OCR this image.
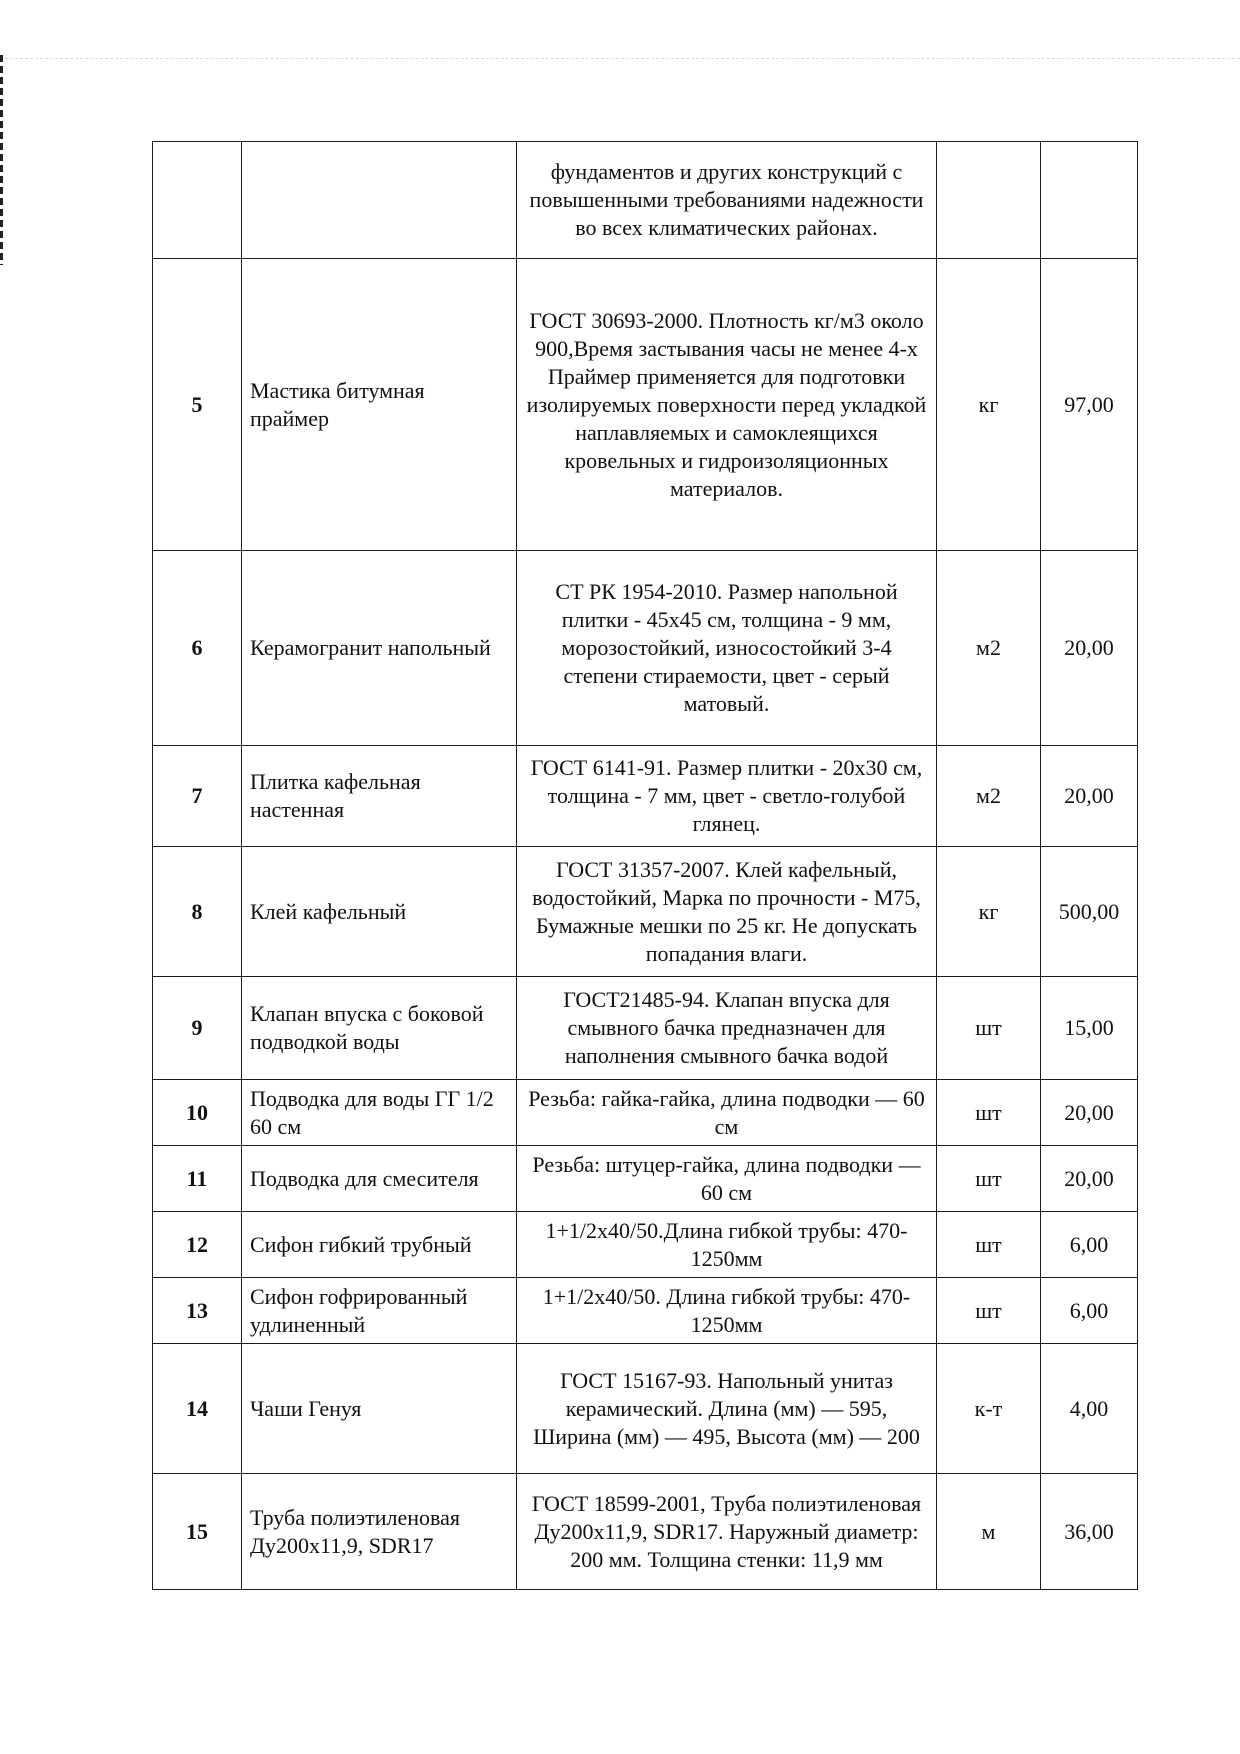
		фундаментов и других конструкций с повышенными требованиями надежности во всех климатических районах.		
5	Мастика битумная праймер	ГОСТ 30693-2000. Плотность кг/м3 около 900,Время застывания часы не менее 4-х Праймер применяется для подготовки изолируемых поверхности перед укладкой наплавляемых и самоклеящихся кровельных и гидроизоляционных материалов.	кг	97,00
6	Керамогранит напольный	СТ РК 1954-2010. Размер напольной плитки - 45х45 см, толщина - 9 мм, морозостойкий, износостойкий 3-4 степени стираемости, цвет - серый матовый.	м2	20,00
7	Плитка кафельная настенная	ГОСТ 6141-91. Размер плитки - 20х30 см, толщина - 7 мм, цвет - светло-голубой глянец.	м2	20,00
8	Клей кафельный	ГОСТ 31357-2007. Клей кафельный, водостойкий, Марка по прочности - М75, Бумажные мешки по 25 кг. Не допускать попадания влаги.	кг	500,00
9	Клапан впуска с боковой подводкой воды	ГОСТ21485-94. Клапан впуска для смывного бачка предназначен для наполнения смывного бачка водой	шт	15,00
10	Подводка для воды ГГ 1/2 60 см	Резьба: гайка-гайка, длина подводки — 60 см	шт	20,00
11	Подводка для смесителя	Резьба: штуцер-гайка, длина подводки — 60 см	шт	20,00
12	Сифон гибкий трубный	1+1/2х40/50.Длина гибкой трубы: 470-1250мм	шт	6,00
13	Сифон гофрированный удлиненный	1+1/2х40/50. Длина гибкой трубы: 470-1250мм	шт	6,00
14	Чаши Генуя	ГОСТ 15167-93. Напольный унитаз керамический. Длина (мм) — 595, Ширина (мм) — 495, Высота (мм) — 200	к-т	4,00
15	Труба полиэтиленовая Ду200х11,9, SDR17	ГОСТ 18599-2001, Труба полиэтиленовая Ду200х11,9, SDR17. Наружный диаметр: 200 мм. Толщина стенки: 11,9 мм	м	36,00
